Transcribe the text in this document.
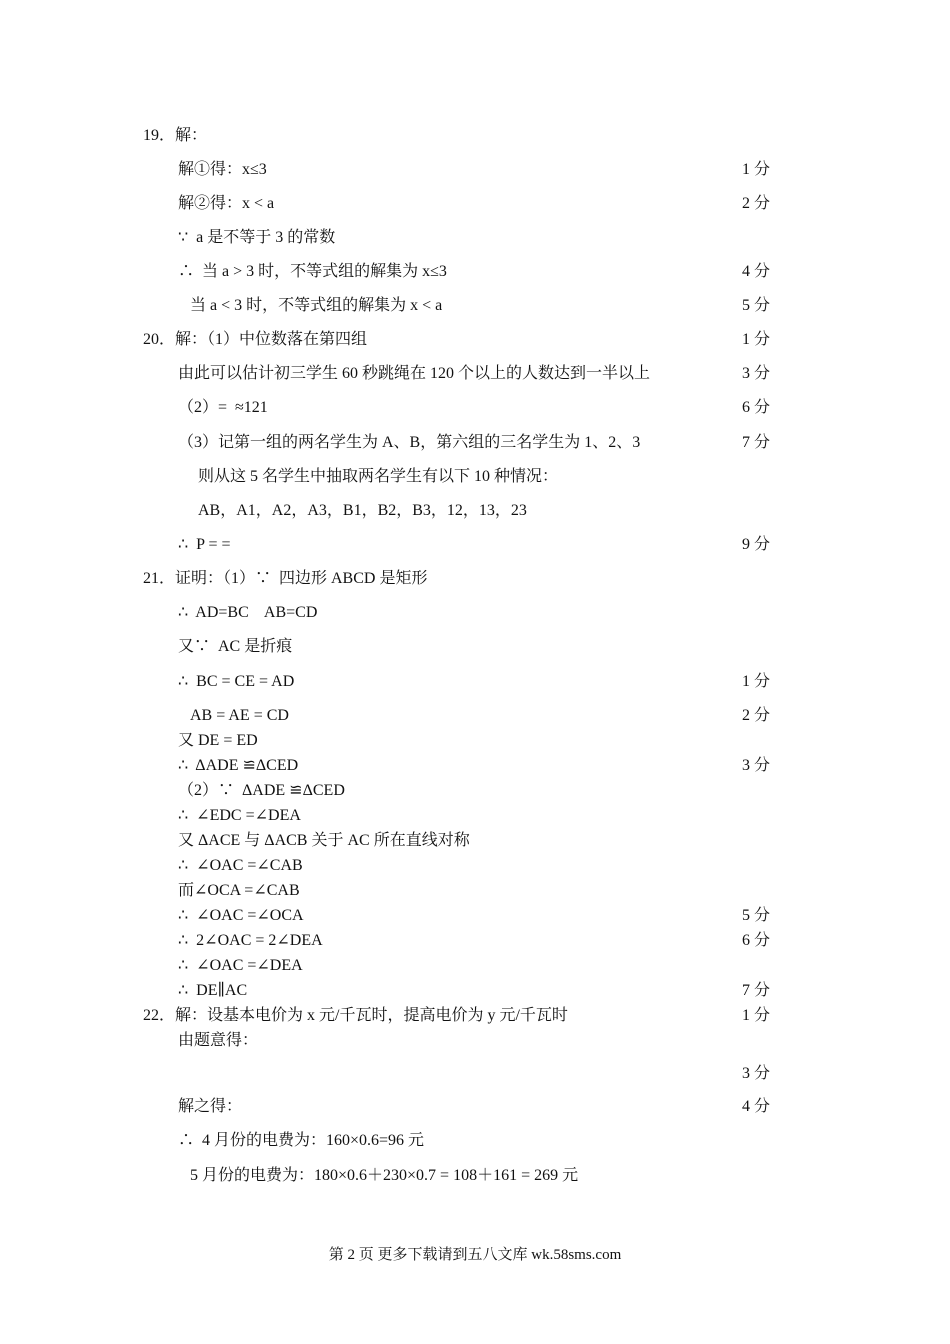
19．解：
解①得：x≤3
解②得：x < a
∵  a 是不等于 3 的常数
∴  当 a > 3 时，不等式组的解集为 x≤3
当 a < 3 时，不等式组的解集为 x < a
20．解：（1）中位数落在第四组
由此可以估计初三学生 60 秒跳绳在 120 个以上的人数达到一半以上
（2）=  ≈121
（3）记第一组的两名学生为 A、B，第六组的三名学生为 1、2、3
则从这 5 名学生中抽取两名学生有以下 10 种情况：
AB，A1，A2，A3，B1，B2，B3，12，13，23
∴  P = =
21．证明：（1）∵  四边形 ABCD 是矩形
∴  AD=BC    AB=CD
又∵  AC 是折痕
∴  BC = CE = AD
AB = AE = CD
又 DE = ED
∴  ΔADE ≌ΔCED
（2）∵  ΔADE ≌ΔCED
∴  ∠EDC =∠DEA
又 ΔACE 与 ΔACB 关于 AC 所在直线对称
∴  ∠OAC =∠CAB
而∠OCA =∠CAB
∴  ∠OAC =∠OCA
∴  2∠OAC = 2∠DEA
∴  ∠OAC =∠DEA
∴  DE∥AC
22．解：设基本电价为 x 元/千瓦时，提高电价为 y 元/千瓦时
由题意得：
解之得：
∴  4 月份的电费为：160×0.6=96 元
5 月份的电费为：180×0.6＋230×0.7 = 108＋161 = 269 元
1 分
2 分
4 分
5 分
1 分
3 分
6 分
7 分
9 分
1 分
2 分
3 分
5 分
6 分
7 分
1 分
3 分
4 分
第 2 页 更多下载请到五八文库 wk.58sms.com
